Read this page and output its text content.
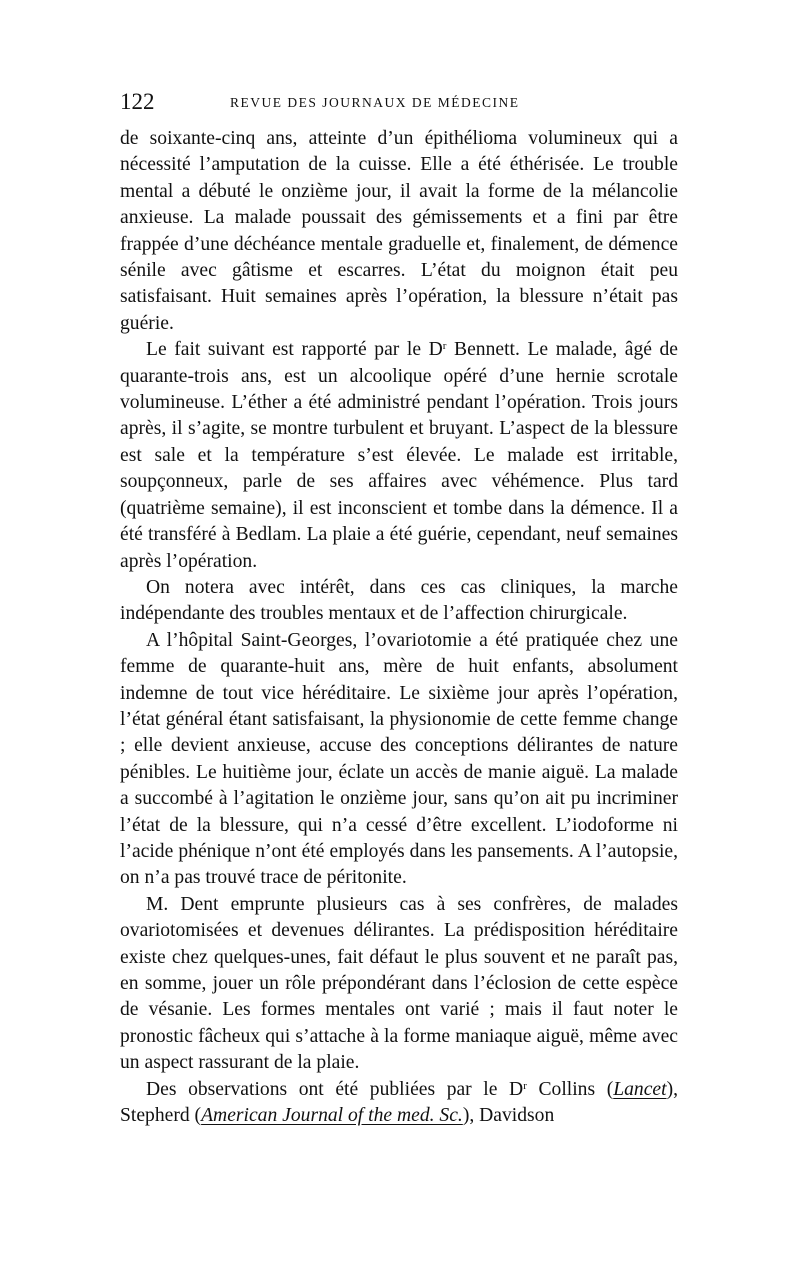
122	REVUE DES JOURNAUX DE MÉDECINE

de soixante-cinq ans, atteinte d’un épithélioma volumineux qui a nécessité l’amputation de la cuisse. Elle a été éthérisée. Le trouble mental a débuté le onzième jour, il avait la forme de la mélancolie anxieuse. La malade poussait des gémissements et a fini par être frappée d’une déchéance mentale graduelle et, finalement, de démence sénile avec gâtisme et escarres. L’état du moignon était peu satisfaisant. Huit semaines après l’opération, la blessure n’était pas guérie.

Le fait suivant est rapporté par le $D^r$ Bennett. Le malade, âgé de quarante-trois ans, est un alcoolique opéré d’une hernie scrotale volumineuse. L’éther a été administré pendant l’opération. Trois jours après, il s’agite, se montre turbulent et bruyant. L’aspect de la blessure est sale et la température s’est élevée. Le malade est irritable, soupçonneux, parle de ses affaires avec véhémence. Plus tard (quatrième semaine), il est inconscient et tombe dans la démence. Il a été transféré à Bedlam. La plaie a été guérie, cependant, neuf semaines après l’opération.

On notera avec intérêt, dans ces cas cliniques, la marche indépendante des troubles mentaux et de l’affection chirurgicale.

A l’hôpital Saint-Georges, l’ovariotomie a été pratiquée chez une femme de quarante-huit ans, mère de huit enfants, absolument indemne de tout vice héréditaire. Le sixième jour après l’opération, l’état général étant satisfaisant, la physionomie de cette femme change ; elle devient anxieuse, accuse des conceptions délirantes de nature pénibles. Le huitième jour, éclate un accès de manie aiguë. La malade a succombé à l’agitation le onzième jour, sans qu’on ait pu incriminer l’état de la blessure, qui n’a cessé d’être excellent. L’iodoforme ni l’acide phénique n’ont été employés dans les pansements. A l’autopsie, on n’a pas trouvé trace de péritonite.

M. Dent emprunte plusieurs cas à ses confrères, de malades ovariotomisées et devenues délirantes. La prédisposition héréditaire existe chez quelques-unes, fait défaut le plus souvent et ne paraît pas, en somme, jouer un rôle prépondérant dans l’éclosion de cette espèce de vésanie. Les formes mentales ont varié ; mais il faut noter le pronostic fâcheux qui s’attache à la forme maniaque aiguë, même avec un aspect rassurant de la plaie.

Des observations ont été publiées par le $D^r$ Collins (Lancet), Stepherd (American Journal of the med. Sc.), Davidson
